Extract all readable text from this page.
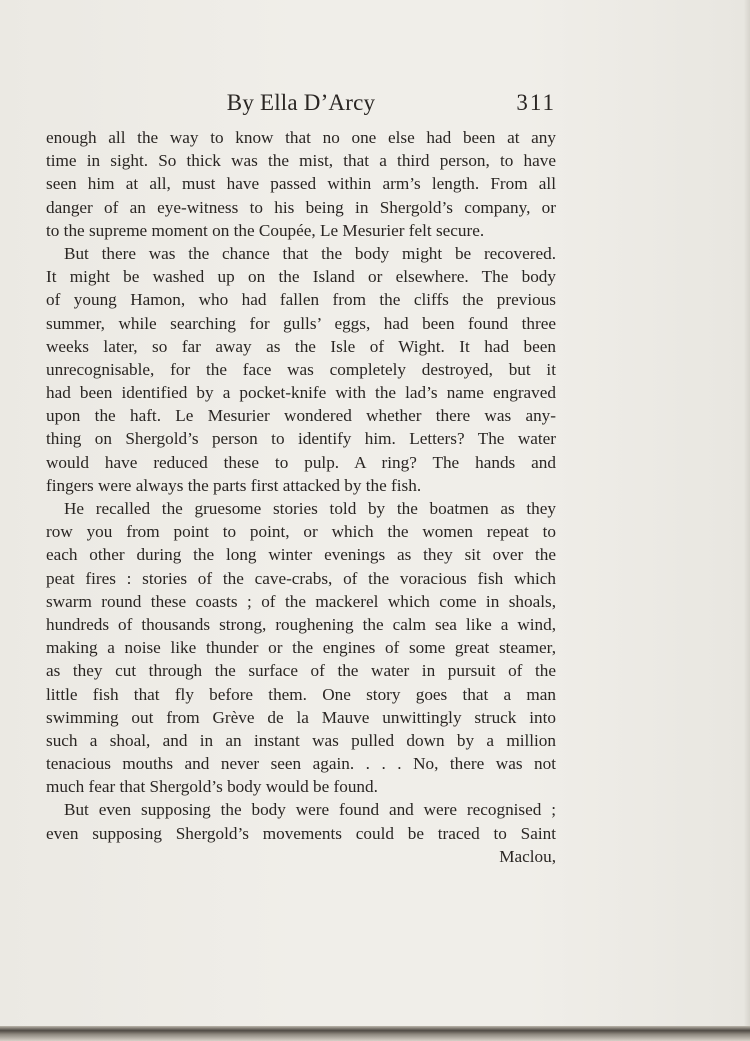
By Ella D’Arcy	311
enough all the way to know that no one else had been at any
time in sight. So thick was the mist, that a third person, to have
seen him at all, must have passed within arm’s length. From all
danger of an eye-witness to his being in Shergold’s company, or
to the supreme moment on the Coupée, Le Mesurier felt secure.
But there was the chance that the body might be recovered.
It might be washed up on the Island or elsewhere. The body
of young Hamon, who had fallen from the cliffs the previous
summer, while searching for gulls’ eggs, had been found three
weeks later, so far away as the Isle of Wight. It had been
unrecognisable, for the face was completely destroyed, but it
had been identified by a pocket-knife with the lad’s name engraved
upon the haft. Le Mesurier wondered whether there was any-
thing on Shergold’s person to identify him. Letters? The water
would have reduced these to pulp. A ring? The hands and
fingers were always the parts first attacked by the fish.
He recalled the gruesome stories told by the boatmen as they
row you from point to point, or which the women repeat to
each other during the long winter evenings as they sit over the
peat fires : stories of the cave-crabs, of the voracious fish which
swarm round these coasts ; of the mackerel which come in shoals,
hundreds of thousands strong, roughening the calm sea like a wind,
making a noise like thunder or the engines of some great steamer,
as they cut through the surface of the water in pursuit of the
little fish that fly before them. One story goes that a man
swimming out from Grève de la Mauve unwittingly struck into
such a shoal, and in an instant was pulled down by a million
tenacious mouths and never seen again. . . . No, there was not
much fear that Shergold’s body would be found.
But even supposing the body were found and were recognised ;
even supposing Shergold’s movements could be traced to Saint
Maclou,
